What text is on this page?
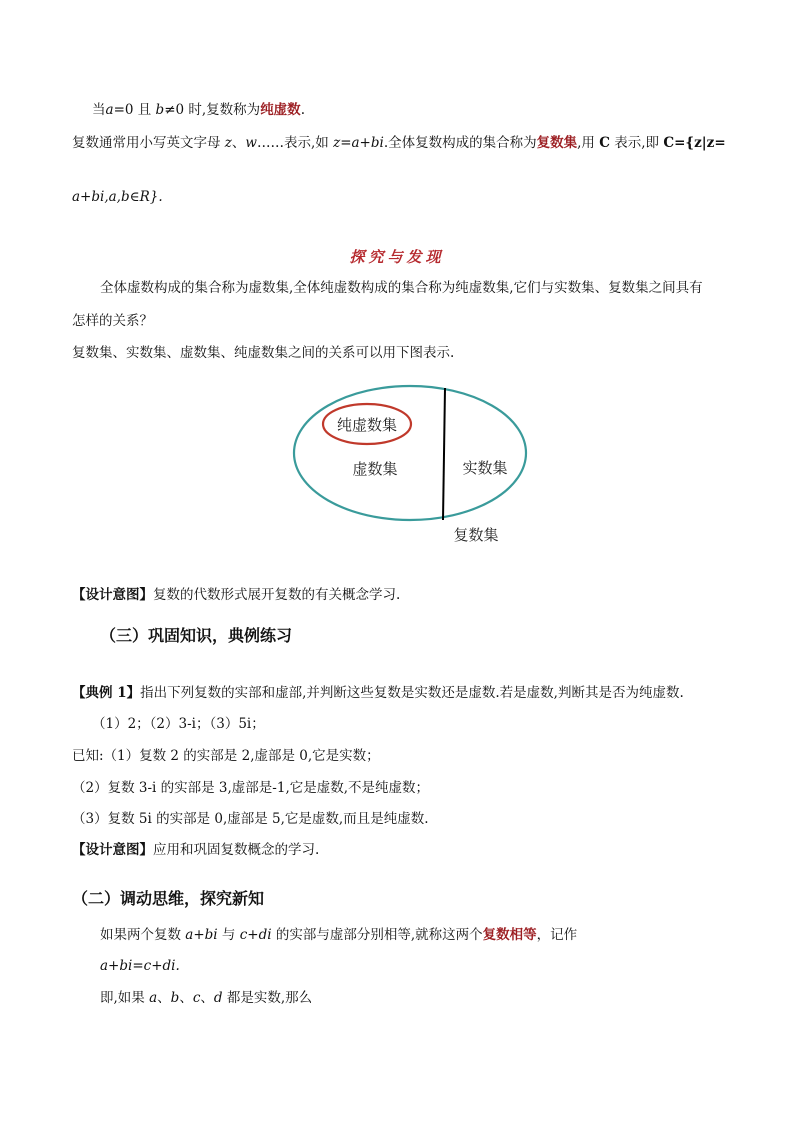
当a=0 且 b≠0 时,复数称为纯虚数.
复数通常用小写英文字母 z、w……表示,如 z=a+bi.全体复数构成的集合称为复数集,用 C 表示,即 C={z|z=
a+bi,a,b∈R}.
探究与发现
全体虚数构成的集合称为虚数集,全体纯虚数构成的集合称为纯虚数集,它们与实数集、复数集之间具有
怎样的关系？
复数集、实数集、虚数集、纯虚数集之间的关系可以用下图表示.
纯虚数集
虚数集	实数集
复数集
【设计意图】复数的代数形式展开复数的有关概念学习.
（三）巩固知识，典例练习
【典例 1】指出下列复数的实部和虚部,并判断这些复数是实数还是虚数.若是虚数,判断其是否为纯虚数.
（1）2；（2）3-i；（3）5i；
已知:（1）复数 2 的实部是 2,虚部是 0,它是实数；
（2）复数 3-i 的实部是 3,虚部是-1,它是虚数,不是纯虚数；
（3）复数 5i 的实部是 0,虚部是 5,它是虚数,而且是纯虚数.
【设计意图】应用和巩固复数概念的学习.
（二）调动思维，探究新知
如果两个复数 a+bi 与 c+di 的实部与虚部分别相等,就称这两个复数相等，记作
a+bi=c+di.
即,如果 a、b、c、d 都是实数,那么
